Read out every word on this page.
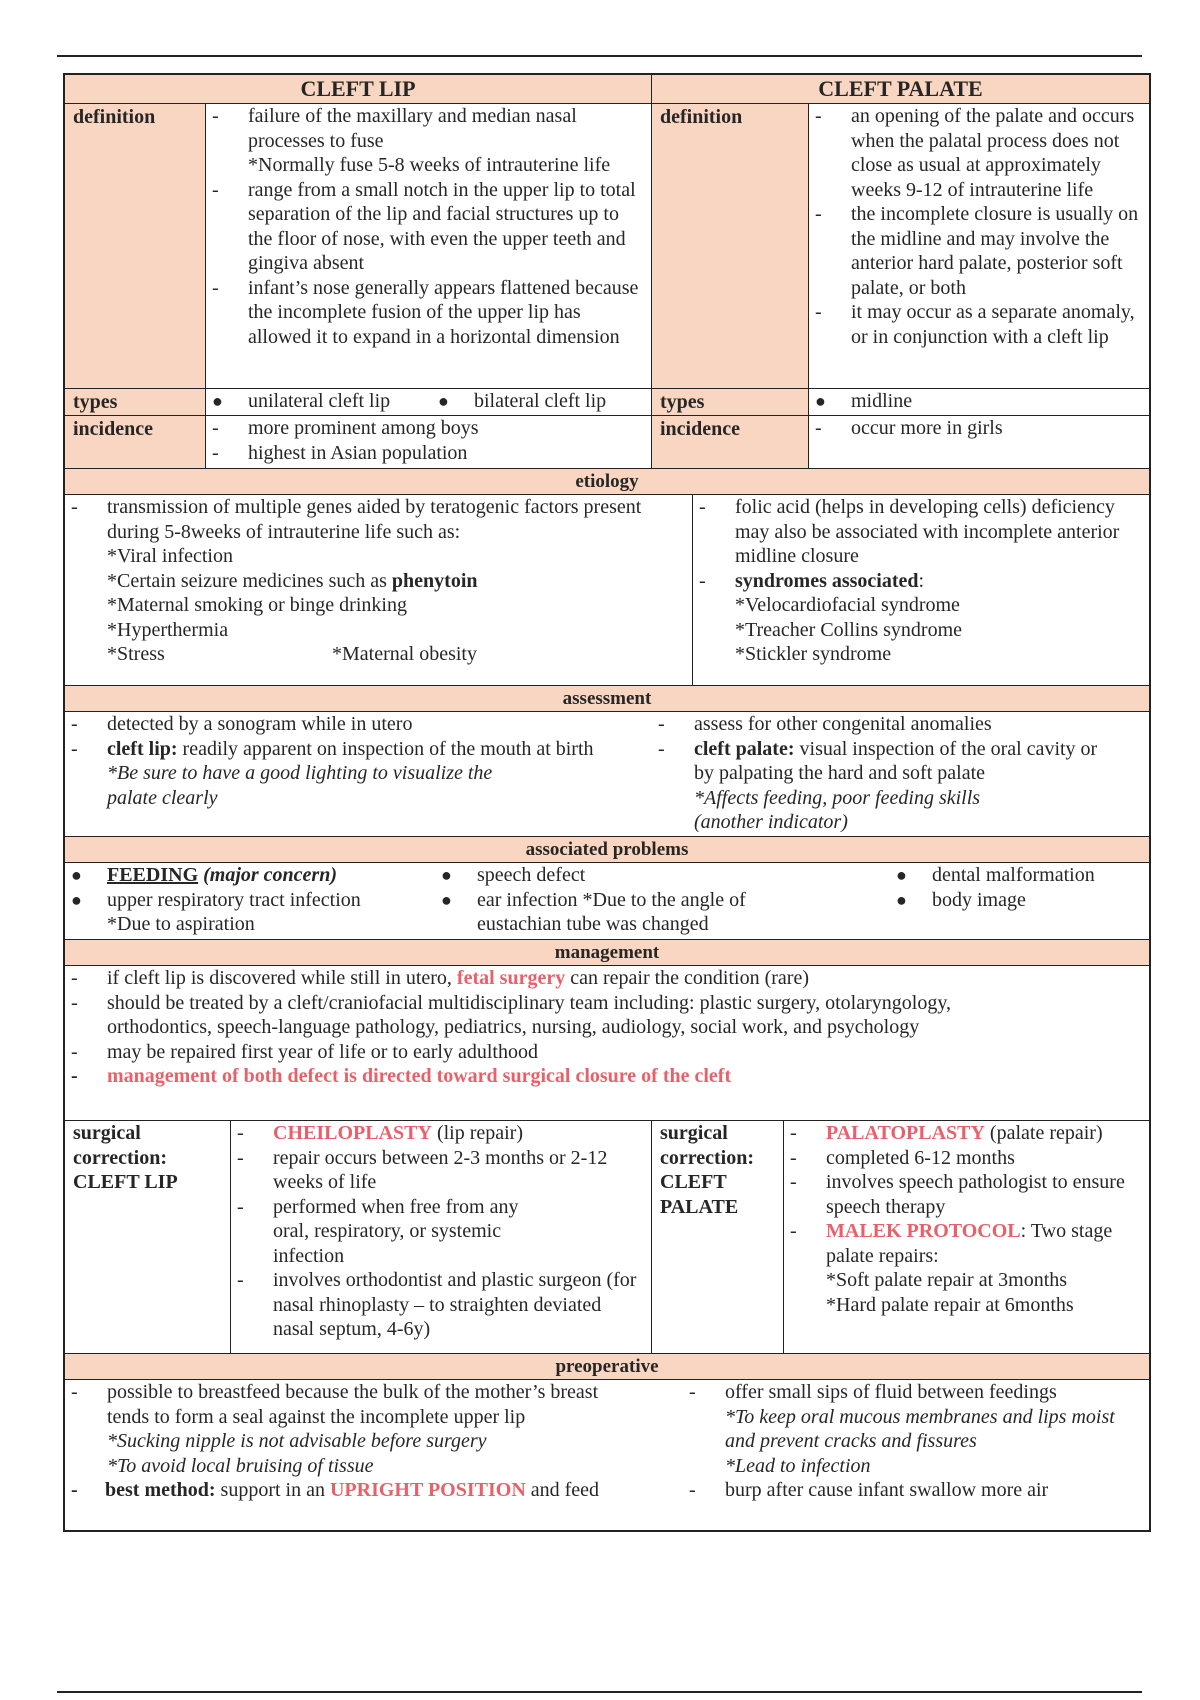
CLEFT LIP	CLEFT PALATE
definition	-	failure of the maxillary and median nasal processes to fuse
*Normally fuse 5-8 weeks of intrauterine life
-	range from a small notch in the upper lip to total separation of the lip and facial structures up to the floor of nose, with even the upper teeth and gingiva absent
-	infant’s nose generally appears flattened because the incomplete fusion of the upper lip has allowed it to expand in a horizontal dimension
definition	-	an opening of the palate and occurs when the palatal process does not close as usual at approximately weeks 9-12 of intrauterine life
-	the incomplete closure is usually on the midline and may involve the anterior hard palate, posterior soft palate, or both
-	it may occur as a separate anomaly, or in conjunction with a cleft lip
types	●	unilateral cleft lip	●	bilateral cleft lip	types	●	midline
incidence	-	more prominent among boys
-	highest in Asian population
incidence	-	occur more in girls
etiology
-	transmission of multiple genes aided by teratogenic factors present during 5-8weeks of intrauterine life such as:
*Viral infection
*Certain seizure medicines such as phenytoin
*Maternal smoking or binge drinking
*Hyperthermia
*Stress	*Maternal obesity
-	folic acid (helps in developing cells) deficiency may also be associated with incomplete anterior midline closure
-	syndromes associated:
*Velocardiofacial syndrome
*Treacher Collins syndrome
*Stickler syndrome
assessment
-	detected by a sonogram while in utero
-	cleft lip: readily apparent on inspection of the mouth at birth
*Be sure to have a good lighting to visualize the palate clearly
-	assess for other congenital anomalies
-	cleft palate: visual inspection of the oral cavity or by palpating the hard and soft palate
*Affects feeding, poor feeding skills (another indicator)
associated problems
●	FEEDING (major concern)
●	upper respiratory tract infection
*Due to aspiration
●	speech defect
●	ear infection *Due to the angle of eustachian tube was changed
●	dental malformation
●	body image
management
-	if cleft lip is discovered while still in utero, fetal surgery can repair the condition (rare)
-	should be treated by a cleft/craniofacial multidisciplinary team including: plastic surgery, otolaryngology, orthodontics, speech-language pathology, pediatrics, nursing, audiology, social work, and psychology
-	may be repaired first year of life or to early adulthood
-	management of both defect is directed toward surgical closure of the cleft
surgical correction: CLEFT LIP
-	CHEILOPLASTY (lip repair)
-	repair occurs between 2-3 months or 2-12 weeks of life
-	performed when free from any oral, respiratory, or systemic infection
-	involves orthodontist and plastic surgeon (for nasal rhinoplasty – to straighten deviated nasal septum, 4-6y)
surgical correction: CLEFT PALATE
-	PALATOPLASTY (palate repair)
-	completed 6-12 months
-	involves speech pathologist to ensure speech therapy
-	MALEK PROTOCOL: Two stage palate repairs:
*Soft palate repair at 3months
*Hard palate repair at 6months
preoperative
-	possible to breastfeed because the bulk of the mother’s breast tends to form a seal against the incomplete upper lip
*Sucking nipple is not advisable before surgery
*To avoid local bruising of tissue
-	best method: support in an UPRIGHT POSITION and feed
-	offer small sips of fluid between feedings
*To keep oral mucous membranes and lips moist and prevent cracks and fissures
*Lead to infection
-	burp after cause infant swallow more air
